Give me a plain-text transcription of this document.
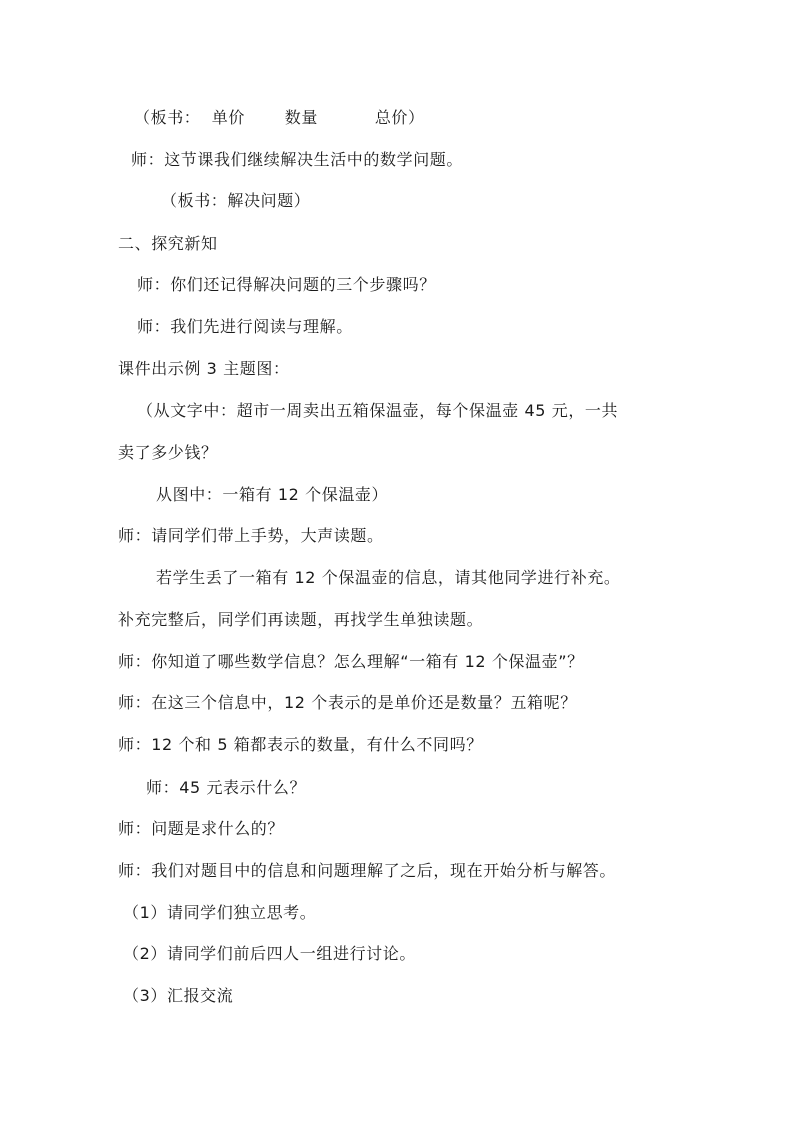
（板书：  单价       数量          总价）
师：这节课我们继续解决生活中的数学问题。
（板书：解决问题）
二、探究新知
师：你们还记得解决问题的三个步骤吗？
师：我们先进行阅读与理解。
课件出示例 3 主题图：
（从文字中：超市一周卖出五箱保温壶，每个保温壶 45 元，一共
卖了多少钱？
从图中：一箱有 12 个保温壶）
师：请同学们带上手势，大声读题。
若学生丢了一箱有 12 个保温壶的信息，请其他同学进行补充。
补充完整后，同学们再读题，再找学生单独读题。
师：你知道了哪些数学信息？怎么理解“一箱有 12 个保温壶”？
师：在这三个信息中，12 个表示的是单价还是数量？五箱呢？
师：12 个和 5 箱都表示的数量，有什么不同吗？
师：45 元表示什么？
师：问题是求什么的？
师：我们对题目中的信息和问题理解了之后，现在开始分析与解答。
（1）请同学们独立思考。
（2）请同学们前后四人一组进行讨论。
（3）汇报交流
